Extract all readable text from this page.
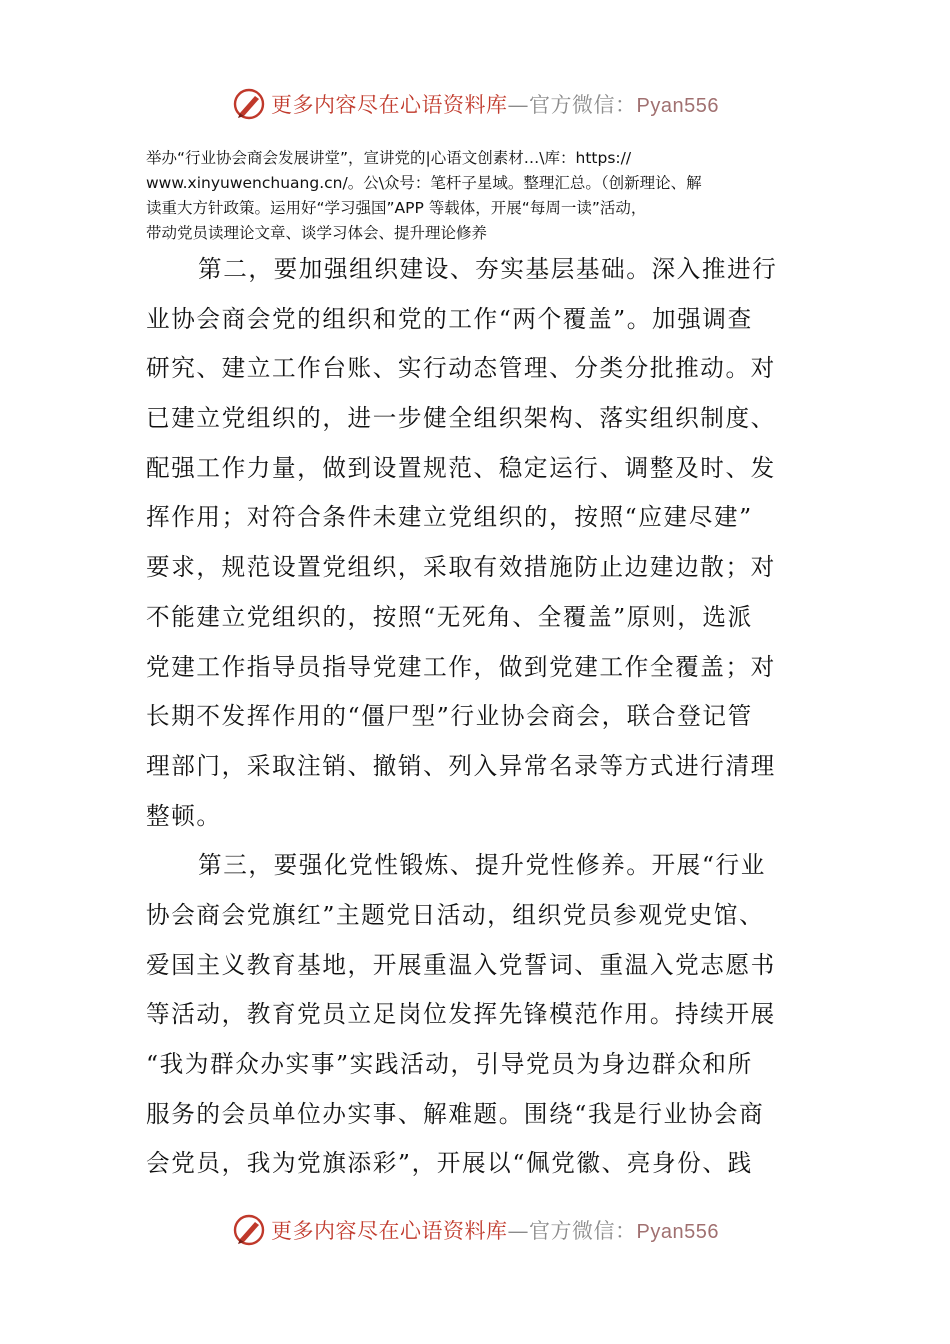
更多内容尽在心语资料库—官方微信：Pyan556

举办“行业协会商会发展讲堂”，宣讲党的|心语文创素材…\库：https://

www.xinyuwenchuang.cn/。公\众号：笔杆子星域。整理汇总。（创新理论、解

读重大方针政策。运用好“学习强国”APP 等载体，开展“每周一读”活动，

带动党员读理论文章、谈学习体会、提升理论修养

第二，要加强组织建设、夯实基层基础。深入推进行
业协会商会党的组织和党的工作“两个覆盖”。加强调查
研究、建立工作台账、实行动态管理、分类分批推动。对
已建立党组织的，进一步健全组织架构、落实组织制度、
配强工作力量，做到设置规范、稳定运行、调整及时、发
挥作用；对符合条件未建立党组织的，按照“应建尽建”
要求，规范设置党组织，采取有效措施防止边建边散；对
不能建立党组织的，按照“无死角、全覆盖”原则，选派
党建工作指导员指导党建工作，做到党建工作全覆盖；对
长期不发挥作用的“僵尸型”行业协会商会，联合登记管
理部门，采取注销、撤销、列入异常名录等方式进行清理
整顿。
第三，要强化党性锻炼、提升党性修养。开展“行业
协会商会党旗红”主题党日活动，组织党员参观党史馆、
爱国主义教育基地，开展重温入党誓词、重温入党志愿书
等活动，教育党员立足岗位发挥先锋模范作用。持续开展
“我为群众办实事”实践活动，引导党员为身边群众和所
服务的会员单位办实事、解难题。围绕“我是行业协会商
会党员，我为党旗添彩”，开展以“佩党徽、亮身份、践
更多内容尽在心语资料库—官方微信：Pyan556
